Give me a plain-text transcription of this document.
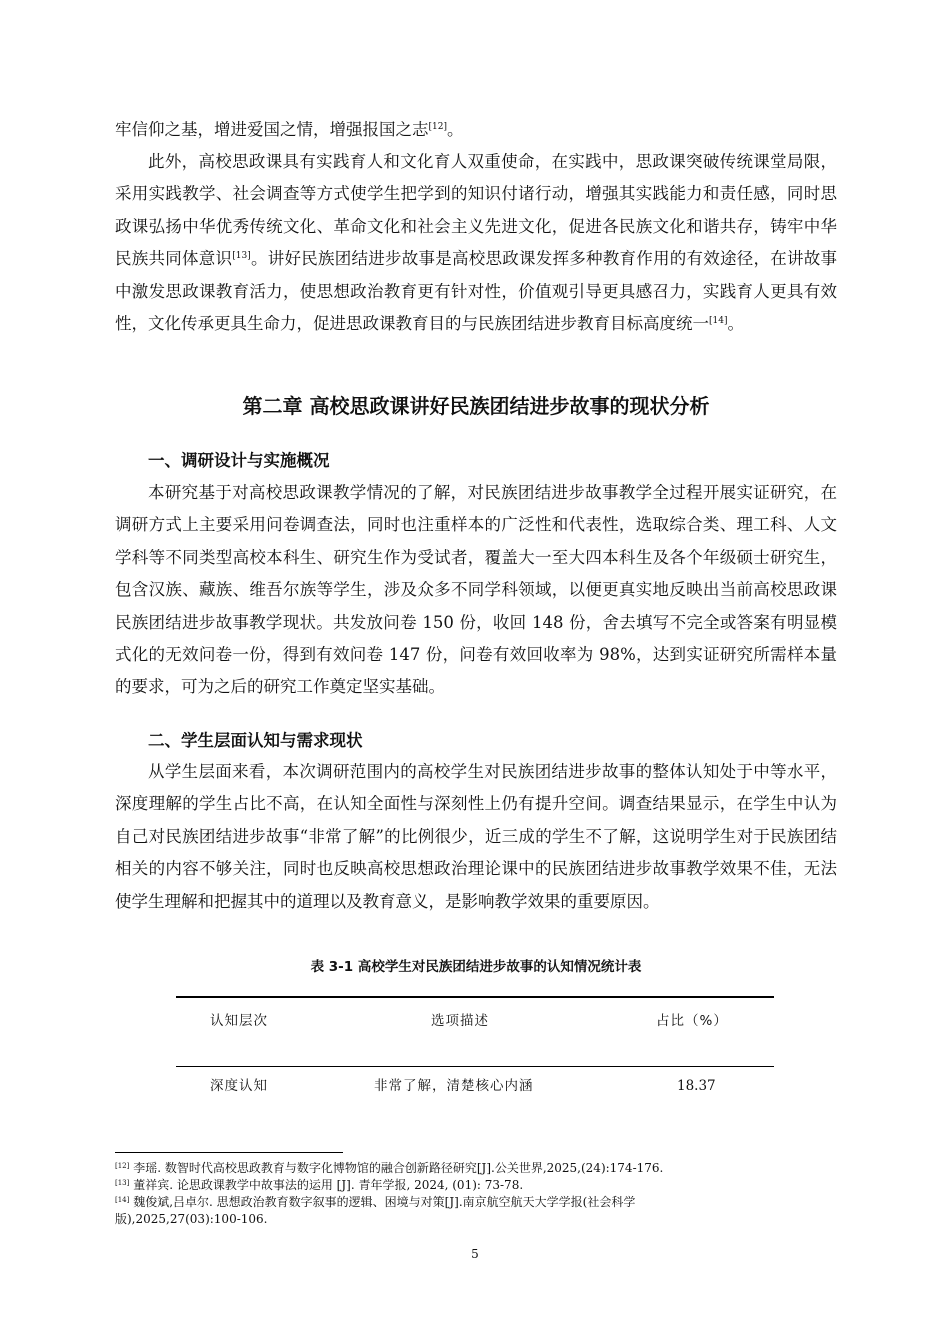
牢信仰之基，增进爱国之情，增强报国之志[12]。

此外，高校思政课具有实践育人和文化育人双重使命，在实践中，思政课突破传统课堂局限，采用实践教学、社会调查等方式使学生把学到的知识付诸行动，增强其实践能力和责任感，同时思政课弘扬中华优秀传统文化、革命文化和社会主义先进文化，促进各民族文化和谐共存，铸牢中华民族共同体意识[13]。讲好民族团结进步故事是高校思政课发挥多种教育作用的有效途径，在讲故事中激发思政课教育活力，使思想政治教育更有针对性，价值观引导更具感召力，实践育人更具有效性，文化传承更具生命力，促进思政课教育目的与民族团结进步教育目标高度统一[14]。

第二章 高校思政课讲好民族团结进步故事的现状分析
一、调研设计与实施概况

本研究基于对高校思政课教学情况的了解，对民族团结进步故事教学全过程开展实证研究，在调研方式上主要采用问卷调查法，同时也注重样本的广泛性和代表性，选取综合类、理工科、人文学科等不同类型高校本科生、研究生作为受试者，覆盖大一至大四本科生及各个年级硕士研究生，包含汉族、藏族、维吾尔族等学生，涉及众多不同学科领域，以便更真实地反映出当前高校思政课民族团结进步故事教学现状。共发放问卷 150 份，收回 148 份，舍去填写不完全或答案有明显模式化的无效问卷一份，得到有效问卷 147 份，问卷有效回收率为 98%，达到实证研究所需样本量的要求，可为之后的研究工作奠定坚实基础。

二、学生层面认知与需求现状

从学生层面来看，本次调研范围内的高校学生对民族团结进步故事的整体认知处于中等水平，深度理解的学生占比不高，在认知全面性与深刻性上仍有提升空间。调查结果显示，在学生中认为自己对民族团结进步故事“非常了解”的比例很少，近三成的学生不了解，这说明学生对于民族团结相关的内容不够关注，同时也反映高校思想政治理论课中的民族团结进步故事教学效果不佳，无法使学生理解和把握其中的道理以及教育意义，是影响教学效果的重要原因。

表 3-1 高校学生对民族团结进步故事的认知情况统计表
认知层次	选项描述	占比（%）
深度认知	非常了解，清楚核心内涵	18.37

[12] 李瑶. 数智时代高校思政教育与数字化博物馆的融合创新路径研究[J].公关世界,2025,(24):174-176.

[13] 董祥宾. 论思政课教学中故事法的运用 [J]. 青年学报, 2024, (01): 73-78.

[14] 魏俊斌,吕卓尔. 思想政治教育数字叙事的逻辑、困境与对策[J].南京航空航天大学学报(社会科学版),2025,27(03):100-106.

5
